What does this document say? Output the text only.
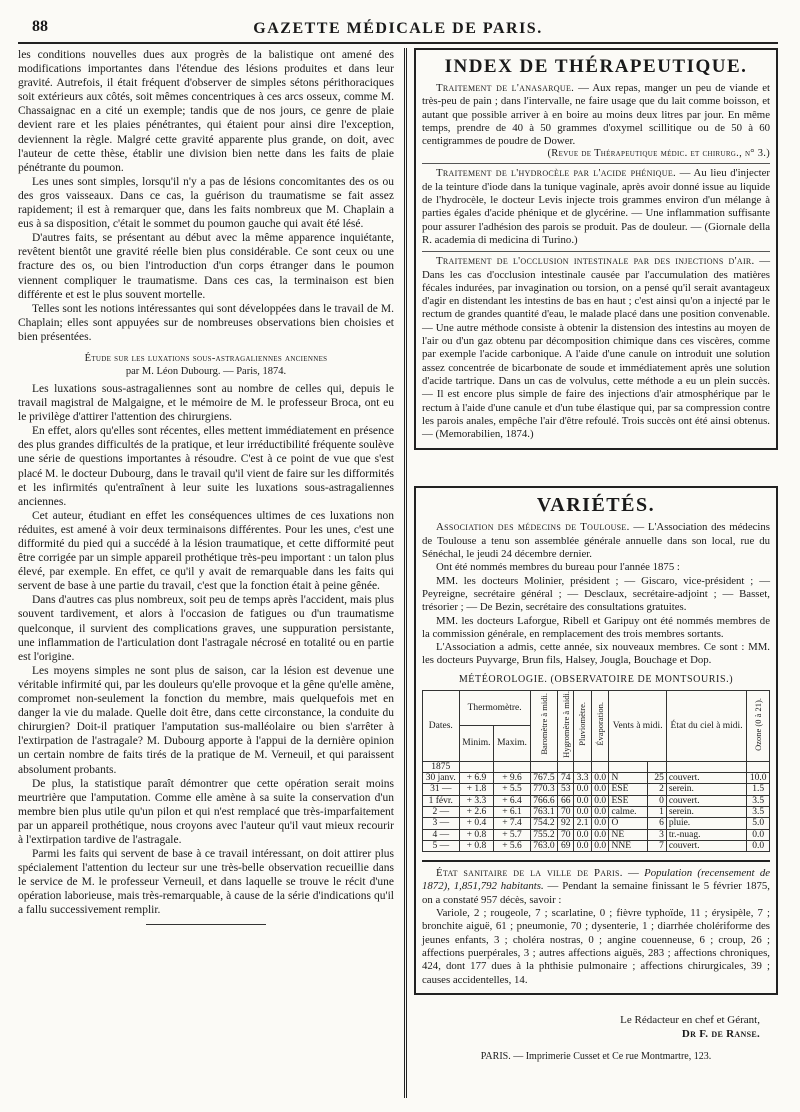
88	GAZETTE MÉDICALE DE PARIS.

les conditions nouvelles dues aux progrès de la balistique ont amené des modifications importantes dans l'étendue des lésions produites et dans leur gravité. Autrefois, il était fréquent d'observer de simples sétons périthoraciques soit extérieurs aux côtés, soit mêmes concentriques à ces arcs osseux, comme M. Chassaignac en a cité un exemple; tandis que de nos jours, ce genre de plaie devient rare et les plaies pénétrantes, qui étaient pour ainsi dire l'exception, deviennent la règle. Malgré cette gravité apparente plus grande, on doit, avec l'auteur de cette thèse, établir une division bien nette dans les faits de plaie pénétrante du poumon.

Les unes sont simples, lorsqu'il n'y a pas de lésions concomitantes des os ou des gros vaisseaux. Dans ce cas, la guérison du traumatisme se fait assez rapidement; il est à remarquer que, dans les faits nombreux que M. Chaplain a eus à sa disposition, c'était le sommet du poumon gauche qui avait été lésé.

D'autres faits, se présentant au début avec la même apparence inquiétante, revêtent bientôt une gravité réelle bien plus considérable. Ce sont ceux ou une fracture des os, ou bien l'introduction d'un corps étranger dans le poumon viennent compliquer le traumatisme. Dans ces cas, la terminaison est bien différente et est le plus souvent mortelle.

Telles sont les notions intéressantes qui sont développées dans le travail de M. Chaplain; elles sont appuyées sur de nombreuses observations bien choisies et bien présentées.

Étude sur les luxations sous-astragaliennes anciennes
par M. Léon Dubourg. — Paris, 1874.

Les luxations sous-astragaliennes sont au nombre de celles qui, depuis le travail magistral de Malgaigne, et le mémoire de M. le professeur Broca, ont eu le privilège d'attirer l'attention des chirurgiens.

En effet, alors qu'elles sont récentes, elles mettent immédiatement en présence des plus grandes difficultés de la pratique, et leur irréductibilité fréquente soulève une série de questions importantes à résoudre. C'est à ce point de vue que s'est placé M. le docteur Dubourg, dans le travail qu'il vient de faire sur les difformités et les infirmités qu'entraînent à leur suite les luxations sous-astragaliennes anciennes.

Cet auteur, étudiant en effet les conséquences ultimes de ces luxations non réduites, est amené à voir deux terminaisons différentes. Pour les unes, c'est une difformité du pied qui a succédé à la lésion traumatique, et cette difformité peut être corrigée par un simple appareil prothétique très-peu important : un talon plus élevé, par exemple. En effet, ce qu'il y avait de remarquable dans les faits qui servent de base à une partie du travail, c'est que la fonction était à peine gênée.

Dans d'autres cas plus nombreux, soit peu de temps après l'accident, mais plus souvent tardivement, et alors à l'occasion de fatigues ou d'un traumatisme quelconque, il survient des complications graves, une suppuration persistante, une inflammation de l'articulation dont l'astragale nécrosé en totalité ou en partie est l'origine.

Les moyens simples ne sont plus de saison, car la lésion est devenue une véritable infirmité qui, par les douleurs qu'elle provoque et la gêne qu'elle amène, compromet non-seulement la fonction du membre, mais quelquefois met en danger la vie du malade. Quelle doit être, dans cette circonstance, la conduite du chirurgien? Doit-il pratiquer l'amputation sus-malléolaire ou bien s'arrêter à l'extirpation de l'astragale? M. Dubourg apporte à l'appui de la dernière opinion un certain nombre de faits tirés de la pratique de M. Verneuil, et qui paraissent absolument probants.

De plus, la statistique paraît démontrer que cette opération serait moins meurtrière que l'amputation. Comme elle amène à sa suite la conservation d'un membre bien plus utile qu'un pilon et qui n'est remplacé que très-imparfaitement par un appareil prothétique, nous croyons avec l'auteur qu'il vaut mieux recourir à l'extirpation tardive de l'astragale.

Parmi les faits qui servent de base à ce travail intéressant, on doit attirer plus spécialement l'attention du lecteur sur une très-belle observation recueillie dans le service de M. le professeur Verneuil, et dans laquelle se trouve le récit d'une opération laborieuse, mais très-remarquable, à cause de la série d'indications qu'il a fallu successivement remplir.

INDEX DE THÉRAPEUTIQUE.

Traitement de l'anasarque. — Aux repas, manger un peu de viande et très-peu de pain ; dans l'intervalle, ne faire usage que du lait comme boisson, et autant que possible arriver à en boire au moins deux litres par jour. En même temps, prendre de 40 à 50 grammes d'oxymel scillitique ou de 50 à 60 centigrammes de poudre de Dower.

(Revue de Thérapeutique médic. et chirurg., n° 3.)

Traitement de l'hydrocèle par l'acide phénique. — Au lieu d'injecter de la teinture d'iode dans la tunique vaginale, après avoir donné issue au liquide de l'hydrocèle, le docteur Levis injecte trois grammes environ d'un mélange à parties égales d'acide phénique et de glycérine. — Une inflammation suffisante pour assurer l'adhésion des parois se produit. Pas de douleur. — (Giornale della R. academia di medicina di Turino.)

Traitement de l'occlusion intestinale par des injections d'air. — Dans les cas d'occlusion intestinale causée par l'accumulation des matières fécales indurées, par invagination ou torsion, on a pensé qu'il serait avantageux d'agir en distendant les intestins de bas en haut ; c'est ainsi qu'on a injecté par le rectum de grandes quantité d'eau, le malade placé dans une position convenable. — Une autre méthode consiste à obtenir la distension des intestins au moyen de l'air ou d'un gaz obtenu par décomposition chimique dans ces viscères, comme par exemple l'acide carbonique. A l'aide d'une canule on introduit une solution assez concentrée de bicarbonate de soude et immédiatement après une solution d'acide tartrique. Dans un cas de volvulus, cette méthode a eu un plein succès. — Il est encore plus simple de faire des injections d'air atmosphérique par le rectum à l'aide d'une canule et d'un tube élastique qui, par sa compression contre les parois anales, empêche l'air d'être refoulé. Trois succès ont été ainsi obtenus. — (Memorabilien, 1874.)

VARIÉTÉS.

Association des médecins de Toulouse. — L'Association des médecins de Toulouse a tenu son assemblée générale annuelle dans son local, rue du Sénéchal, le jeudi 24 décembre dernier.

Ont été nommés membres du bureau pour l'année 1875 :

MM. les docteurs Molinier, président ; — Giscaro, vice-président ; — Peyreigne, secrétaire général ; — Desclaux, secrétaire-adjoint ; — Basset, trésorier ; — De Bezin, secrétaire des consultations gratuites.

MM. les docteurs Laforgue, Ribell et Garipuy ont été nommés membres de la commission générale, en remplacement des trois membres sortants.

L'Association a admis, cette année, six nouveaux membres. Ce sont : MM. les docteurs Puyvarge, Brun fils, Halsey, Jougla, Bouchage et Dop.

MÉTÉOROLOGIE. (OBSERVATOIRE DE MONTSOURIS.)
Dates.	Thermomètre.		Baromètre à midi.	Hygromètre à midi.	Pluviomètre.	Évaporation.	Vents à midi.		État du ciel à midi.	Ozone (0 à 21).
	Minim.	Maxim.								
1875										
30 janv.	+ 6.9	+ 9.6	767.5	74	3.3	0.0	N	25	couvert.	10.0
31 —	+ 1.8	+ 5.5	770.3	53	0.0	0.0	ESE	2	serein.	1.5
1 févr.	+ 3.3	+ 6.4	766.6	66	0.0	0.0	ESE	0	couvert.	3.5
2 —	+ 2.6	+ 6.1	763.1	70	0.0	0.0	calme.	1	serein.	3.5
3 —	+ 0.4	+ 7.4	754.2	92	2.1	0.0	O	6	pluie.	5.0
4 —	+ 0.8	+ 5.7	755.2	70	0.0	0.0	NE	3	tr.-nuag.	0.0
5 —	+ 0.8	+ 5.6	763.0	69	0.0	0.0	NNE	7	couvert.	0.0

État sanitaire de la ville de Paris. — Population (recensement de 1872), 1,851,792 habitants. — Pendant la semaine finissant le 5 février 1875, on a constaté 957 décès, savoir :

Variole, 2 ; rougeole, 7 ; scarlatine, 0 ; fièvre typhoïde, 11 ; érysipèle, 7 ; bronchite aiguë, 61 ; pneumonie, 70 ; dysenterie, 1 ; diarrhée cholériforme des jeunes enfants, 3 ; choléra nostras, 0 ; angine couenneuse, 6 ; croup, 26 ; affections puerpérales, 3 ; autres affections aiguës, 283 ; affections chroniques, 424, dont 177 dues à la phthisie pulmonaire ; affections chirurgicales, 39 ; causes accidentelles, 14.

Le Rédacteur en chef et Gérant,
Dr F. de Ranse.
PARIS. — Imprimerie Cusset et Ce rue Montmartre, 123.
